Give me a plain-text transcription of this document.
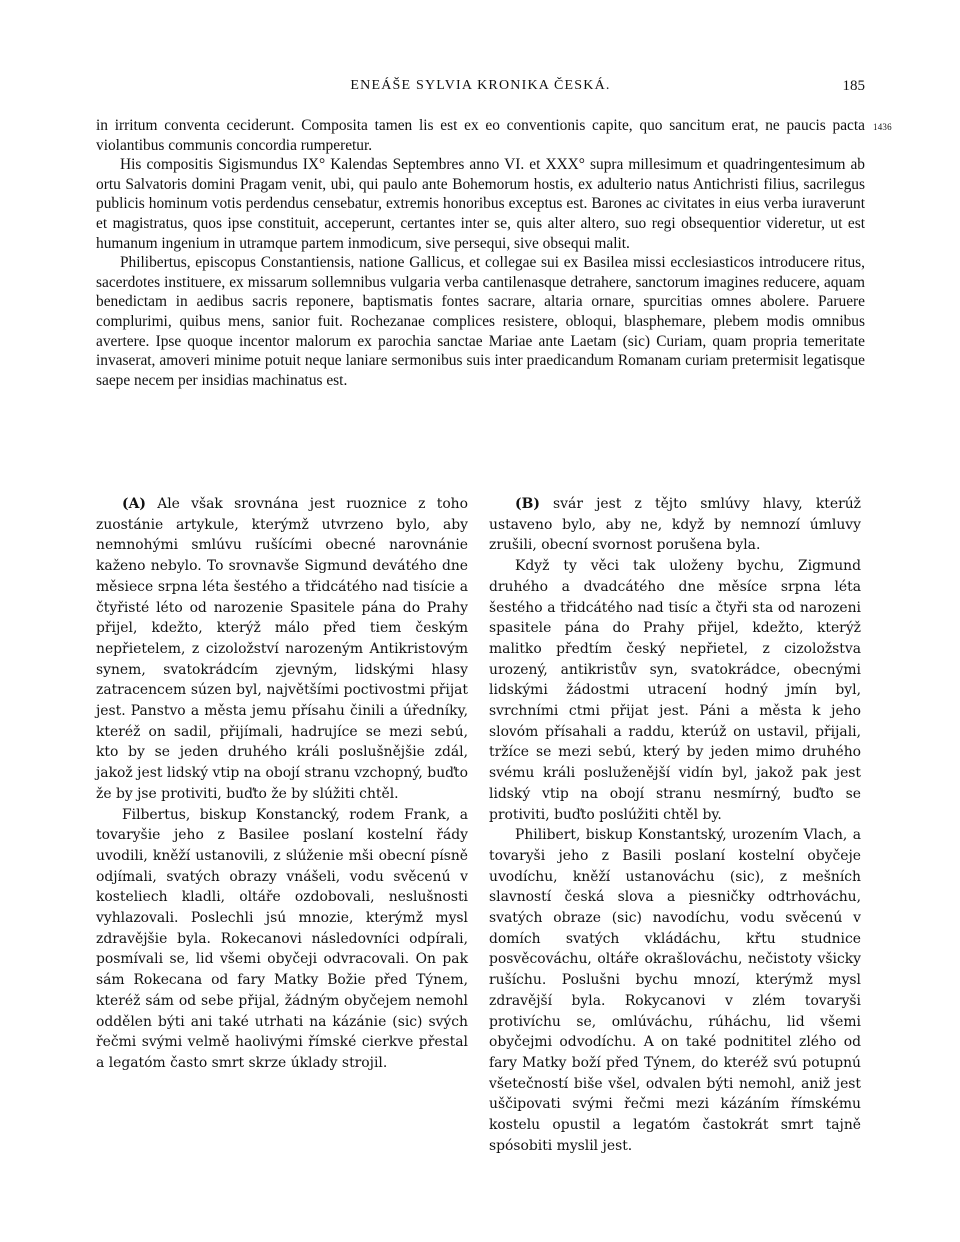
ENEÁŠE SYLVIA KRONIKA ČESKÁ.	185
1436

in irritum conventa ceciderunt. Composita tamen lis est ex eo conventionis capite, quo sancitum erat, ne paucis pacta violantibus communis concordia rumperetur.

His compositis Sigismundus IX° Kalendas Septembres anno VI. et XXX° supra millesimum et quadringentesimum ab ortu Salvatoris domini Pragam venit, ubi, qui paulo ante Bohemorum hostis, ex adulterio natus Antichristi filius, sacrilegus publicis hominum votis perdendus censebatur, extremis honoribus exceptus est. Barones ac civitates in eius verba iuraverunt et magistratus, quos ipse constituit, acceperunt, certantes inter se, quis alter altero, suo regi obsequentior videretur, ut est humanum ingenium in utramque partem inmodicum, sive persequi, sive obsequi malit.

Philibertus, episcopus Constantiensis, natione Gallicus, et collegae sui ex Basilea missi ecclesiasticos introducere ritus, sacerdotes instituere, ex missarum sollemnibus vulgaria verba cantilenasque detrahere, sanctorum imagines reducere, aquam benedictam in aedibus sacris reponere, baptismatis fontes sacrare, altaria ornare, spurcitias omnes abolere. Paruere complurimi, quibus mens, sanior fuit. Rochezanae complices resistere, obloqui, blasphemare, plebem modis omnibus avertere. Ipse quoque incentor malorum ex parochia sanctae Mariae ante Laetam (sic) Curiam, quam propria temeritate invaserat, amoveri minime potuit neque laniare sermonibus suis inter praedicandum Romanam curiam pretermisit legatisque saepe necem per insidias machinatus est.

(A) Ale však srovnána jest ruoznice z toho zuostánie artykule, kterýmž utvrzeno bylo, aby nemnohými smlúvu rušícími obecné narovnánie kaženo nebylo. To srovnavše Sigmund devátého dne měsiece srpna léta šestého a třidcátého nad tisície a čtyřisté léto od narozenie Spasitele pána do Prahy přijel, kdežto, kterýž málo před tiem českým nepřietelem, z cizoložství narozeným Antikristovým synem, svatokrádcím zjevným, lidskými hlasy zatracencem súzen byl, najvětšími poctivostmi přijat jest. Panstvo a města jemu přísahu činili a úředníky, kteréž on sadil, přijímali, hadrujíce se mezi sebú, kto by se jeden druhého králi poslušnějšie zdál, jakož jest lidský vtip na obojí stranu vzchopný, buďto že by jse protiviti, buďto že by slúžiti chtěl.

Filbertus, biskup Konstancký, rodem Frank, a tovaryšie jeho z Basilee poslaní kostelní řády uvodili, kněží ustanovili, z slúženie mši obecní písně odjímali, svatých obrazy vnášeli, vodu svěcenú v kosteliech kladli, oltáře ozdobovali, neslušnosti vyhlazovali. Poslechli jsú mnozie, kterýmž mysl zdravějšie byla. Rokecanovi následovníci odpírali, posmívali se, lid všemi obyčeji odvracovali. On pak sám Rokecana od fary Matky Božie před Týnem, kteréž sám od sebe přijal, žádným obyčejem nemohl oddělen býti ani také utrhati na kázánie (sic) svých řečmi svými velmě haolivými římské cierkve přestal a legatóm často smrt skrze úklady strojil.

(B) svár jest z tějto smlúvy hlavy, kterúž ustaveno bylo, aby ne, když by nemnozí úmluvy zrušili, obecní svornost porušena byla.

Když ty věci tak uloženy bychu, Zigmund druhého a dvadcátého dne měsíce srpna léta šestého a třidcátého nad tisíc a čtyři sta od narozeni spasitele pána do Prahy přijel, kdežto, kterýž malitko předtím český nepřietel, z cizoložstva urozený, antikristův syn, svatokrádce, obecnými lidskými žádostmi utracení hodný jmín byl, svrchními ctmi přijat jest. Páni a města k jeho slovóm přísahali a raddu, kterúž on ustavil, přijali, tržíce se mezi sebú, který by jeden mimo druhého svému králi posluženější vidín byl, jakož pak jest lidský vtip na obojí stranu nesmírný, buďto se protiviti, buďto poslúžiti chtěl by.

Philibert, biskup Konstantský, urozením Vlach, a tovaryši jeho z Basili poslaní kostelní obyčeje uvodíchu, kněží ustanováchu (sic), z mešních slavností česká slova a piesničky odtrhováchu, svatých obraze (sic) navodíchu, vodu svěcenú v domích svatých vkládáchu, křtu studnice posvěcováchu, oltáře okrašlováchu, nečistoty všicky rušíchu. Poslušni bychu mnozí, kterýmž mysl zdravější byla. Rokycanovi v zlém tovaryši protivíchu se, omlúváchu, rúháchu, lid všemi obyčejmi odvodíchu. A on také podnititel zlého od fary Matky boží před Týnem, do kteréž svú potupnú všetečností biše všel, odvalen býti nemohl, aniž jest uščipovati svými řečmi mezi kázáním římskému kostelu opustil a legatóm častokrát smrt tajně spósobiti myslil jest.
